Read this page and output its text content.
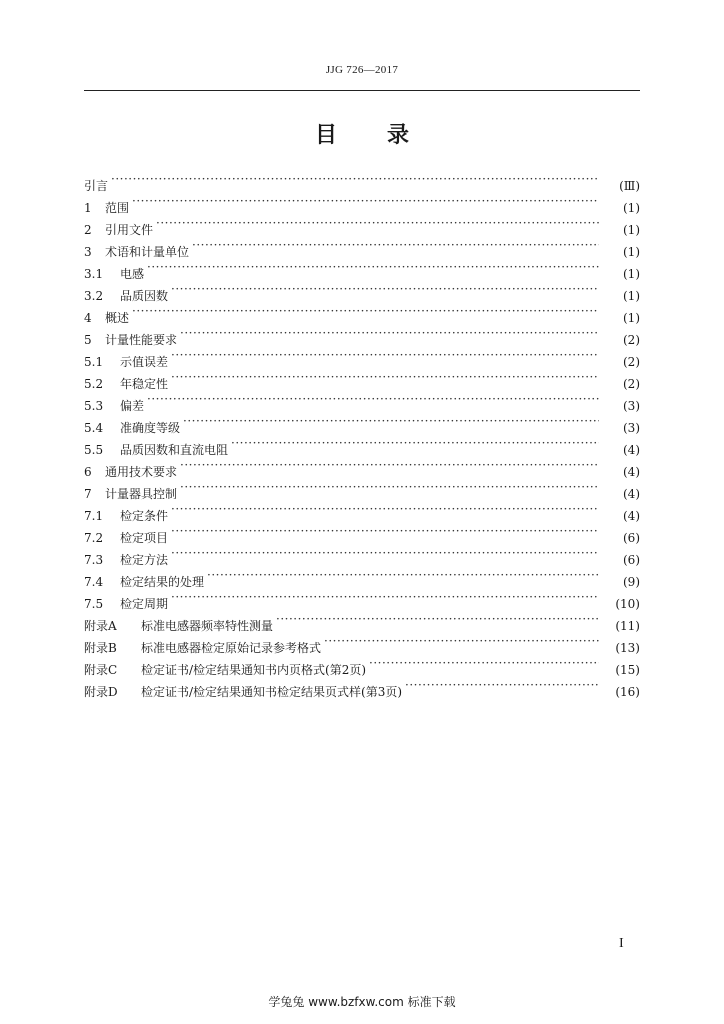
JJG 726—2017
目录
引言 ·····	(Ⅲ)
1	范围 ·····	(1)
2	引用文件 ·····	(1)
3	术语和计量单位 ·····	(1)
3.1	电感 ·····	(1)
3.2	品质因数 ·····	(1)
4	概述 ·····	(1)
5	计量性能要求 ·····	(2)
5.1	示值误差 ·····	(2)
5.2	年稳定性 ·····	(2)
5.3	偏差 ·····	(3)
5.4	准确度等级 ·····	(3)
5.5	品质因数和直流电阻 ·····	(4)
6	通用技术要求 ·····	(4)
7	计量器具控制 ·····	(4)
7.1	检定条件 ·····	(4)
7.2	检定项目 ·····	(6)
7.3	检定方法 ·····	(6)
7.4	检定结果的处理 ·····	(9)
7.5	检定周期 ·····	(10)
附录A	标准电感器频率特性测量 ·····	(11)
附录B	标准电感器检定原始记录参考格式 ·····	(13)
附录C	检定证书/检定结果通知书内页格式(第2页) ·····	(15)
附录D	检定证书/检定结果通知书检定结果页式样(第3页) ·····	(16)
I
学兔兔 www.bzfxw.com 标准下载
